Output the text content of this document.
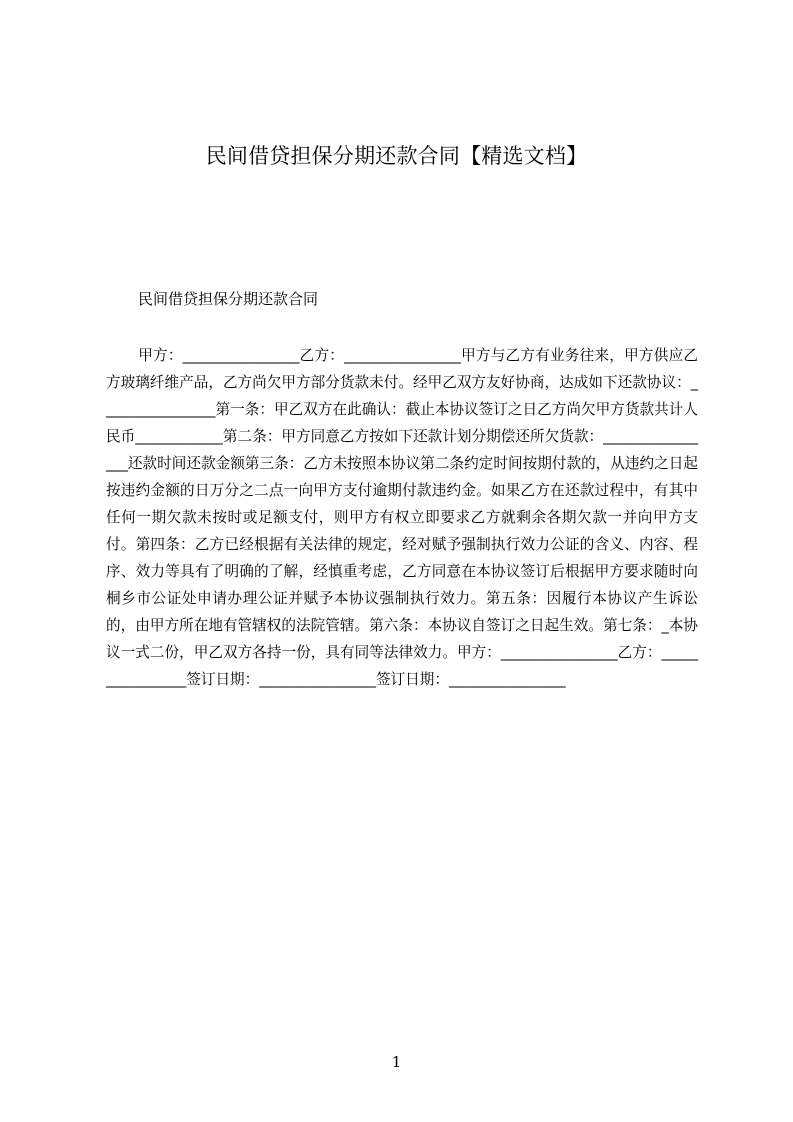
民间借贷担保分期还款合同【精选文档】
民间借贷担保分期还款合同
甲方：________________乙方：________________甲方与乙方有业务往来，甲方供应乙方玻璃纤维产品，乙方尚欠甲方部分货款未付。经甲乙双方友好协商，达成如下还款协议：________________第一条：甲乙双方在此确认：截止本协议签订之日乙方尚欠甲方货款共计人民币____________第二条：甲方同意乙方按如下还款计划分期偿还所欠货款：________________还款时间还款金额第三条：乙方未按照本协议第二条约定时间按期付款的，从违约之日起按违约金额的日万分之二点一向甲方支付逾期付款违约金。如果乙方在还款过程中，有其中任何一期欠款未按时或足额支付，则甲方有权立即要求乙方就剩余各期欠款一并向甲方支付。第四条：乙方已经根据有关法律的规定，经对赋予强制执行效力公证的含义、内容、程序、效力等具有了明确的了解，经慎重考虑，乙方同意在本协议签订后根据甲方要求随时向桐乡市公证处申请办理公证并赋予本协议强制执行效力。第五条：因履行本协议产生诉讼的，由甲方所在地有管辖权的法院管辖。第六条：本协议自签订之日起生效。第七条：_本协议一式二份，甲乙双方各持一份，具有同等法律效力。甲方：________________乙方：________________签订日期：________________签订日期：________________
1
